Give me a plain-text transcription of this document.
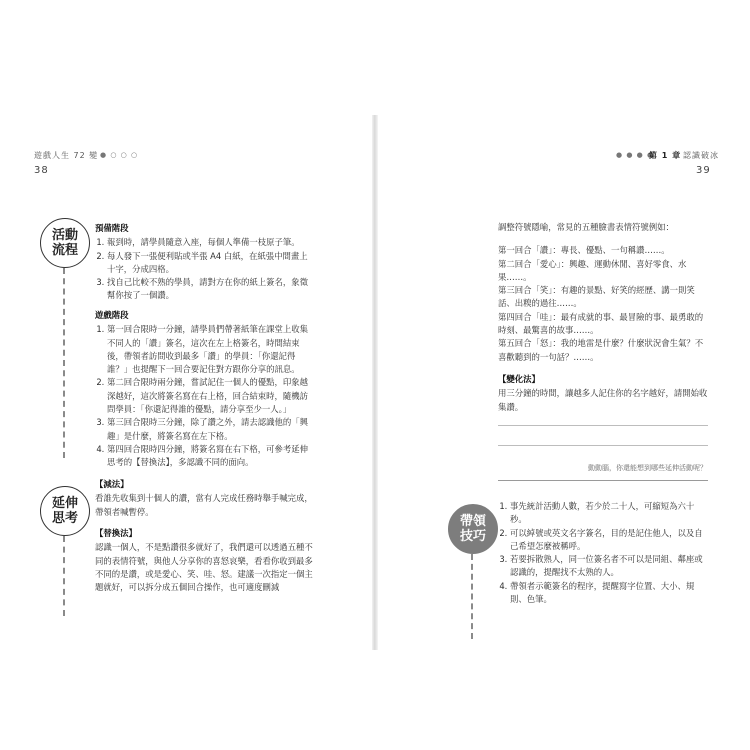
遊戲人生 72 變 ● ○ ○ ○
38
活動
流程

預備階段

1. 報到時，請學員隨意入座，每個人準備一枝原子筆。
2. 每人發下一張便利貼或半張 A4 白紙，在紙張中間畫上十字，分成四格。
3. 找自己比較不熟的學員，請對方在你的紙上簽名，象徵幫你按了一個讚。

遊戲階段

1. 第一回合限時一分鐘，請學員們帶著紙筆在課堂上收集不同人的「讚」簽名，這次在左上格簽名，時間結束後，帶領者訪問收到最多「讚」的學員：「你還記得誰？」也提醒下一回合要記住對方跟你分享的訊息。
2. 第二回合限時兩分鐘，嘗試記住一個人的優點，印象越深越好，這次將簽名寫在右上格，回合結束時，隨機訪問學員：「你還記得誰的優點，請分享至少一人。」
3. 第三回合限時三分鐘，除了讚之外，請去認識他的「興趣」是什麼，將簽名寫在左下格。
4. 第四回合限時四分鐘，將簽名寫在右下格，可參考延伸思考的【替換法】，多認識不同的面向。
延伸
思考

【減法】

看誰先收集到十個人的讚，當有人完成任務時舉手喊完成，帶領者喊暫停。

【替換法】

認識一個人，不是點讚很多就好了，我們還可以透過五種不同的表情符號，與他人分享你的喜怒哀樂，看看你收到最多不同的是讚，或是愛心、笑、哇、怒。建議一次指定一個主題就好，可以拆分成五個回合操作，也可適度刪減

● ● ● ●
第 1 章 認識破冰
39

調整符號隱喻，常見的五種臉書表情符號例如：

第一回合「讚」：專長、優點、一句稱讚……。

第二回合「愛心」：興趣、運動休閒、喜好零食、水果……。

第三回合「笑」：有趣的景點、好笑的經歷、講一則笑話、出糗的過往……。

第四回合「哇」：最有成就的事、最冒險的事、最勇敢的時刻、最驚喜的故事……。

第五回合「怒」：我的地雷是什麼？什麼狀況會生氣？不喜歡聽到的一句話？……。

【變化法】

用三分鐘的時間，讓越多人記住你的名字越好，請開始收集讚。

動動腦，你還能想到哪些延伸活動呢？
帶領
技巧
1. 事先統計活動人數，若少於二十人，可縮短為六十秒。
2. 可以綽號或英文名字簽名，目的是記住他人，以及自己希望怎麼被稱呼。
3. 若要拆散熟人，同一位簽名者不可以是同組、鄰座或認識的，提醒找不太熟的人。
4. 帶領者示範簽名的程序，提醒寫字位置、大小、規則、色筆。
